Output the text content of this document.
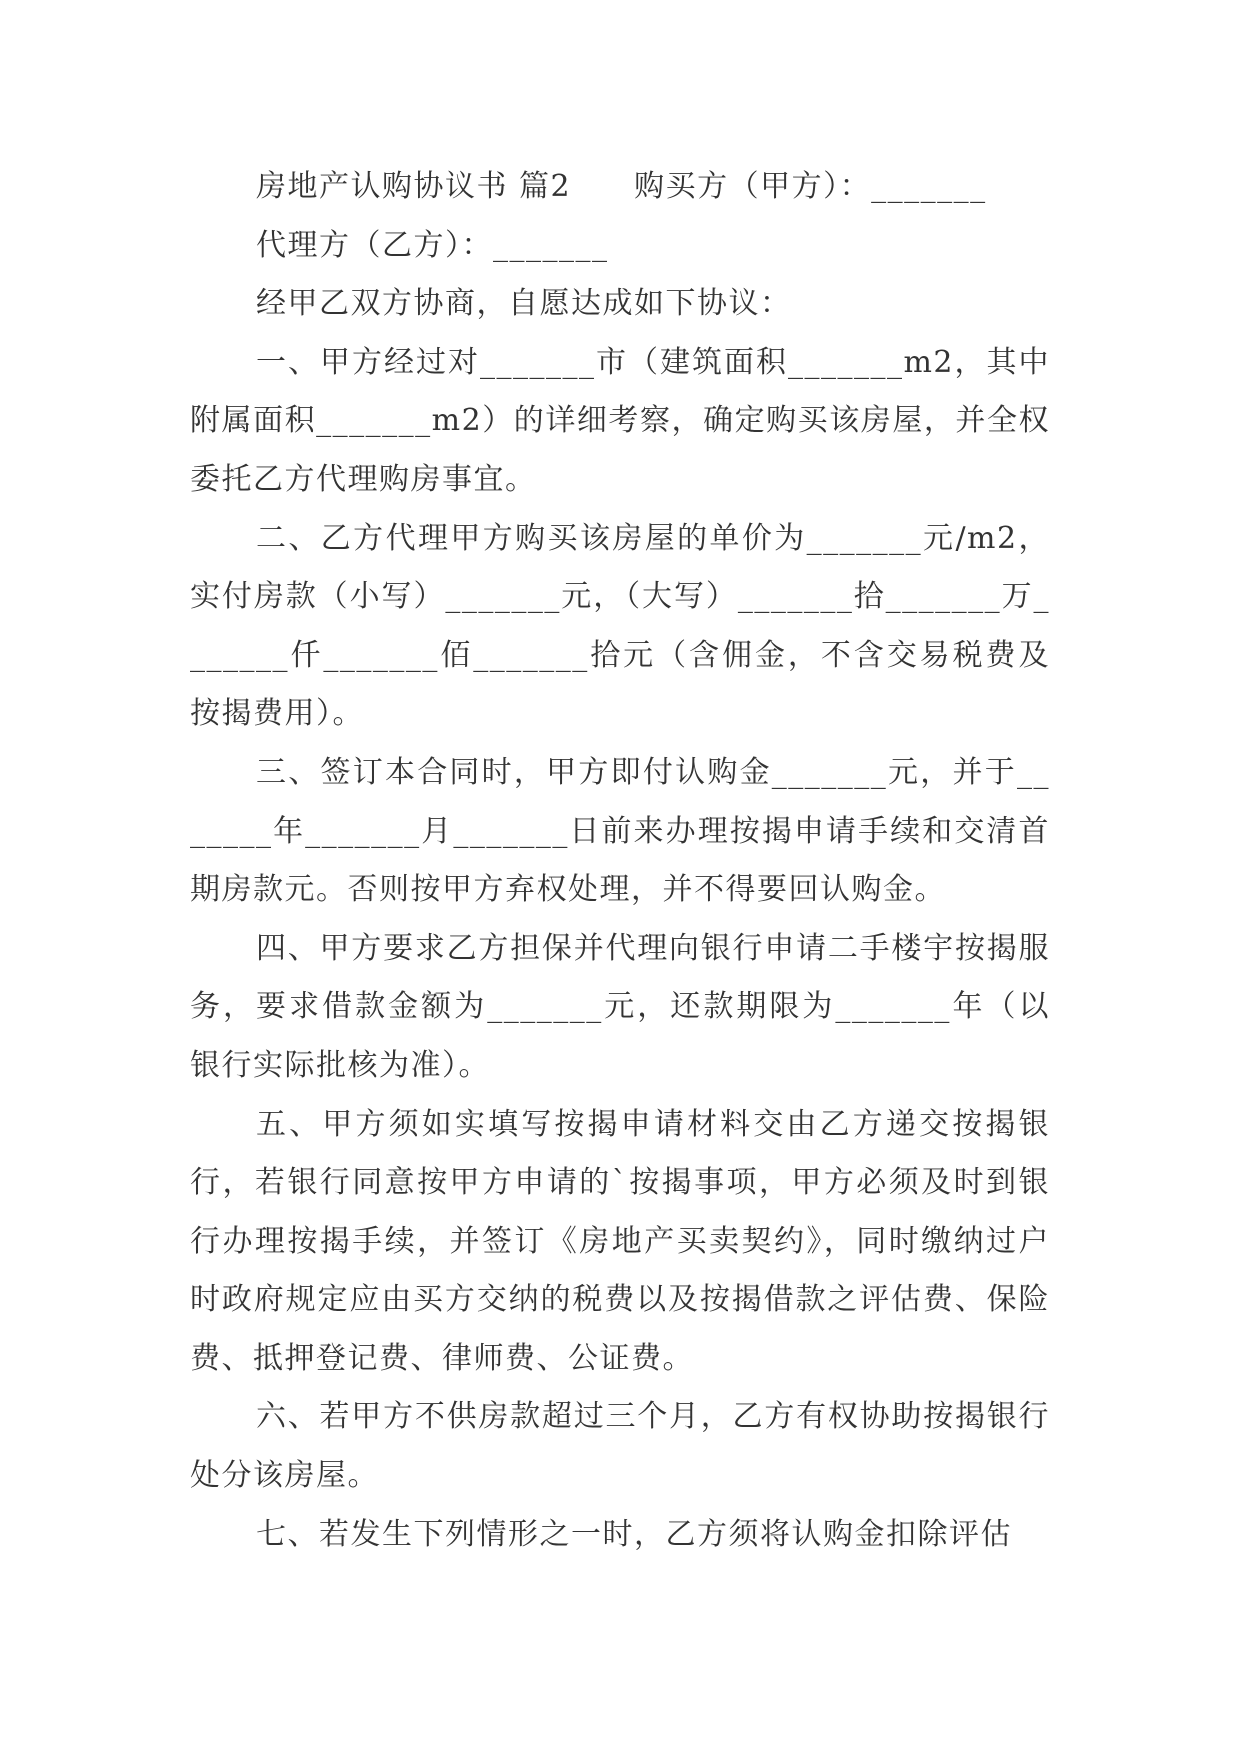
房地产认购协议书 篇2　　购买方（甲方）：_______

代理方（乙方）：_______

经甲乙双方协商，自愿达成如下协议：

一、甲方经过对_______市（建筑面积_______m2，其中附属面积_______m2）的详细考察，确定购买该房屋，并全权委托乙方代理购房事宜。

二、乙方代理甲方购买该房屋的单价为_______元/m2，实付房款（小写）_______元，（大写）_______拾_______万_______仟_______佰_______拾元（含佣金，不含交易税费及按揭费用）。

三、签订本合同时，甲方即付认购金_______元，并于_______年_______月_______日前来办理按揭申请手续和交清首期房款元。否则按甲方弃权处理，并不得要回认购金。

四、甲方要求乙方担保并代理向银行申请二手楼宇按揭服务，要求借款金额为_______元，还款期限为_______年（以银行实际批核为准）。

五、甲方须如实填写按揭申请材料交由乙方递交按揭银行，若银行同意按甲方申请的`按揭事项，甲方必须及时到银行办理按揭手续，并签订《房地产买卖契约》，同时缴纳过户时政府规定应由买方交纳的税费以及按揭借款之评估费、保险费、抵押登记费、律师费、公证费。

六、若甲方不供房款超过三个月，乙方有权协助按揭银行处分该房屋。

七、若发生下列情形之一时，乙方须将认购金扣除评估
